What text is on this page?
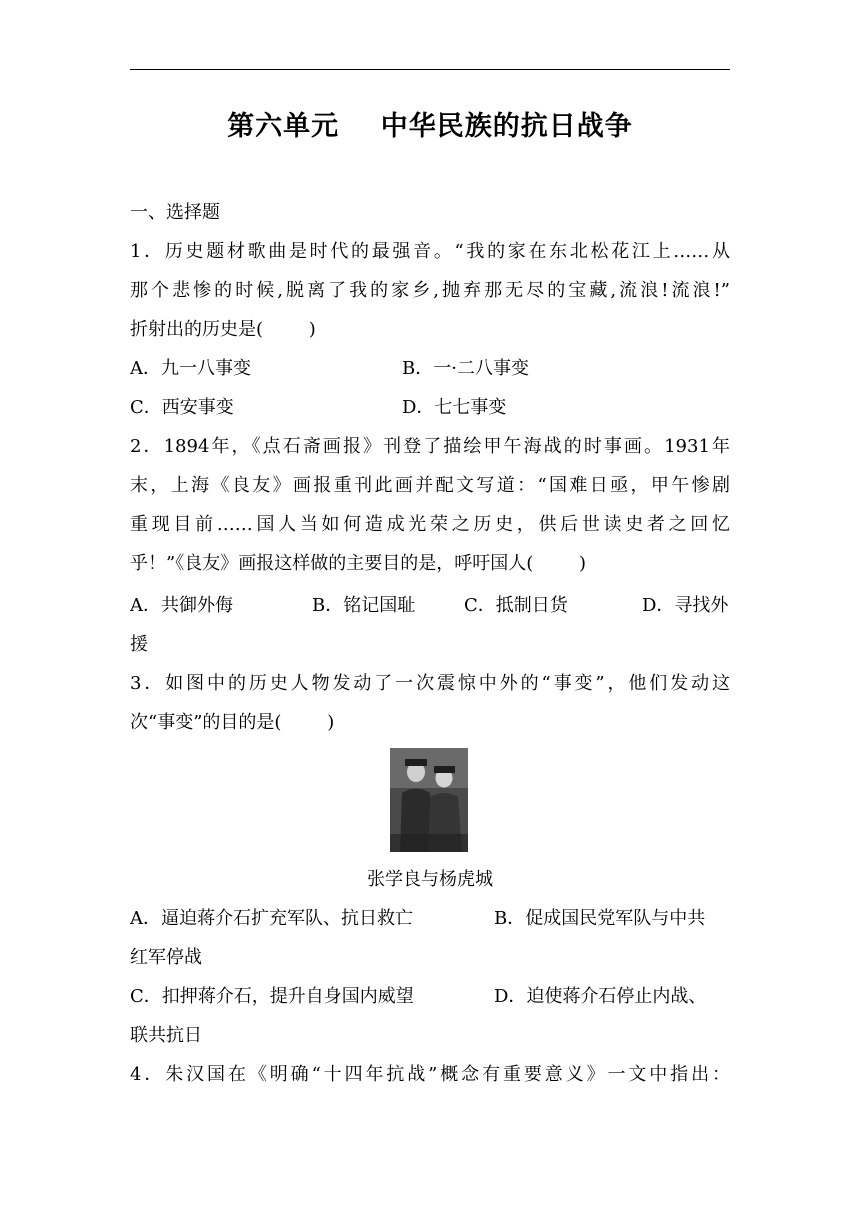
第六单元    中华民族的抗日战争
一、选择题
1．历史题材歌曲是时代的最强音。“我的家在东北松花江上……从
那个悲惨的时候,脱离了我的家乡,抛弃那无尽的宝藏,流浪!流浪!”
折射出的历史是(        )
A．九一八事变	B．一·二八事变
C．西安事变	D．七七事变
2．1894年，《点石斋画报》刊登了描绘甲午海战的时事画。1931年
末，上海《良友》画报重刊此画并配文写道：“国难日亟，甲午惨剧
重现目前……国人当如何造成光荣之历史，供后世读史者之回忆
乎！”《良友》画报这样做的主要目的是，呼吁国人(        )
A．共御外侮	B．铭记国耻	C．抵制日货	D．寻找外
援
3．如图中的历史人物发动了一次震惊中外的“事变”，他们发动这
次“事变”的目的是(        )
张学良与杨虎城
A．逼迫蒋介石扩充军队、抗日救亡	B．促成国民党军队与中共
红军停战
C．扣押蒋介石，提升自身国内威望	D．迫使蒋介石停止内战、
联共抗日
4．朱汉国在《明确“十四年抗战”概念有重要意义》一文中指出：
